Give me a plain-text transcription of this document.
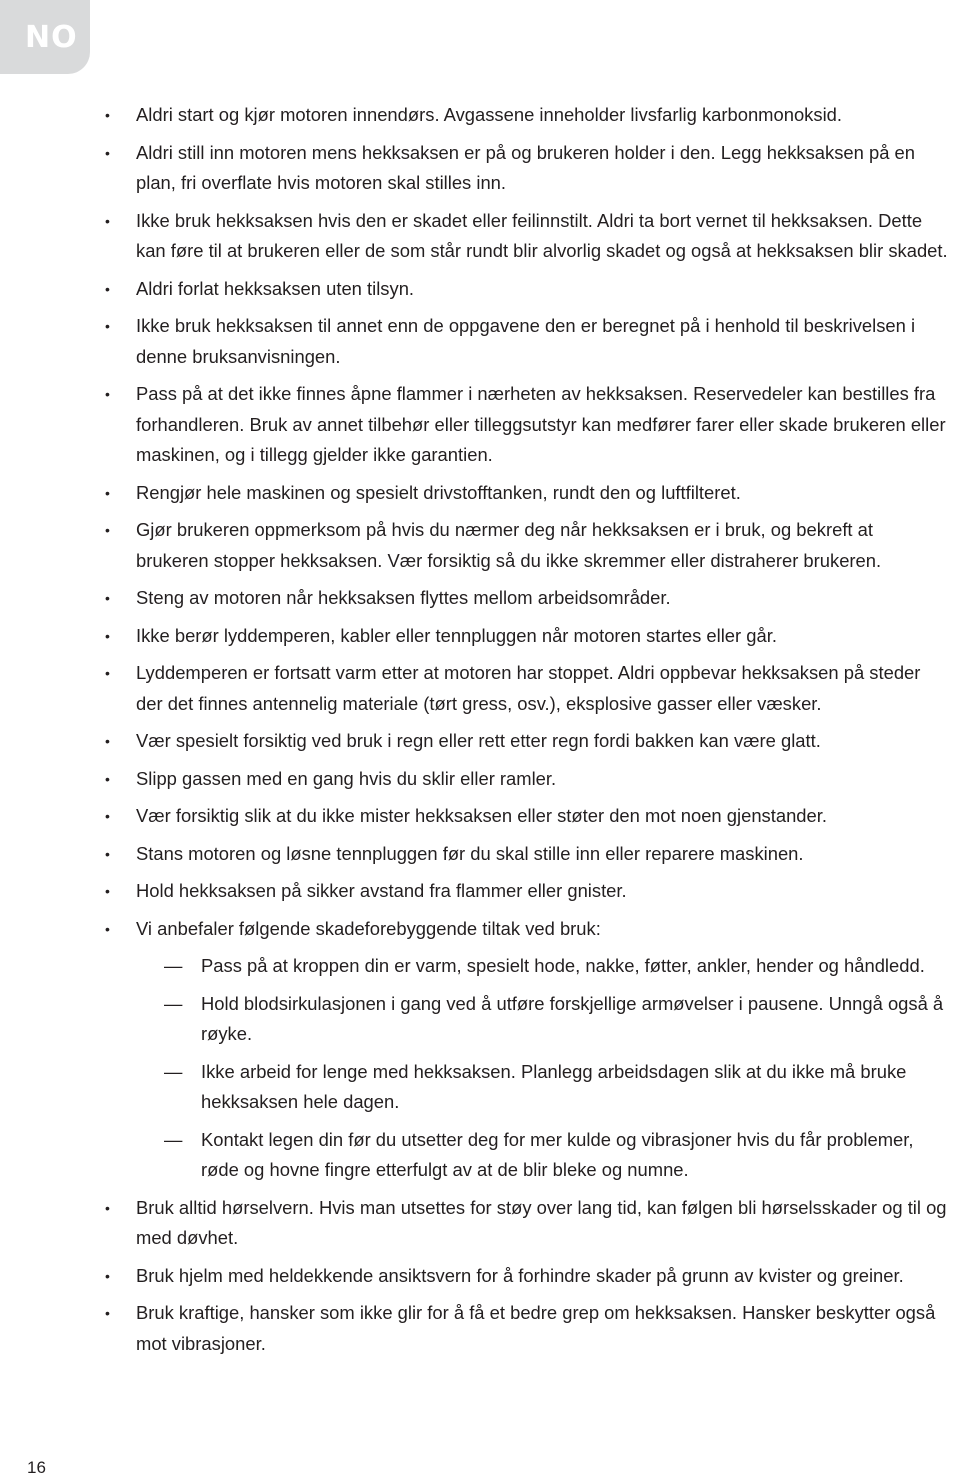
NO
• Aldri start og kjør motoren innendørs. Avgassene inneholder livsfarlig karbonmonoksid.
• Aldri still inn motoren mens hekksaksen er på og brukeren holder i den. Legg hekksaksen på en plan, fri overflate hvis motoren skal stilles inn.
• Ikke bruk hekksaksen hvis den er skadet eller feilinnstilt. Aldri ta bort vernet til hekksaksen. Dette kan føre til at brukeren eller de som står rundt blir alvorlig skadet og også at hekksaksen blir skadet.
• Aldri forlat hekksaksen uten tilsyn.
• Ikke bruk hekksaksen til annet enn de oppgavene den er beregnet på i henhold til beskrivelsen i denne bruksanvisningen.
• Pass på at det ikke finnes åpne flammer i nærheten av hekksaksen. Reservedeler kan bestilles fra forhandleren. Bruk av annet tilbehør eller tilleggsutstyr kan medfører farer eller skade brukeren eller maskinen, og i tillegg gjelder ikke garantien.
• Rengjør hele maskinen og spesielt drivstofftanken, rundt den og luftfilteret.
• Gjør brukeren oppmerksom på hvis du nærmer deg når hekksaksen er i bruk, og bekreft at brukeren stopper hekksaksen. Vær forsiktig så du ikke skremmer eller distraherer brukeren.
• Steng av motoren når hekksaksen flyttes mellom arbeidsområder.
• Ikke berør lyddemperen, kabler eller tennpluggen når motoren startes eller går.
• Lyddemperen er fortsatt varm etter at motoren har stoppet. Aldri oppbevar hekksaksen på steder der det finnes antennelig materiale (tørt gress, osv.), eksplosive gasser eller væsker.
• Vær spesielt forsiktig ved bruk i regn eller rett etter regn fordi bakken kan være glatt.
• Slipp gassen med en gang hvis du sklir eller ramler.
• Vær forsiktig slik at du ikke mister hekksaksen eller støter den mot noen gjenstander.
• Stans motoren og løsne tennpluggen før du skal stille inn eller reparere maskinen.
• Hold hekksaksen på sikker avstand fra flammer eller gnister.
• Vi anbefaler følgende skadeforebyggende tiltak ved bruk:
— Pass på at kroppen din er varm, spesielt hode, nakke, føtter, ankler, hender og håndledd.
— Hold blodsirkulasjonen i gang ved å utføre forskjellige armøvelser i pausene. Unngå også å røyke.
— Ikke arbeid for lenge med hekksaksen. Planlegg arbeidsdagen slik at du ikke må bruke hekksaksen hele dagen.
— Kontakt legen din før du utsetter deg for mer kulde og vibrasjoner hvis du får problemer, røde og hovne fingre etterfulgt av at de blir bleke og numne.
• Bruk alltid hørselvern. Hvis man utsettes for støy over lang tid, kan følgen bli hørselsskader og til og med døvhet.
• Bruk hjelm med heldekkende ansiktsvern for å forhindre skader på grunn av kvister og greiner.
• Bruk kraftige, hansker som ikke glir for å få et bedre grep om hekksaksen. Hansker beskytter også mot vibrasjoner.
16
